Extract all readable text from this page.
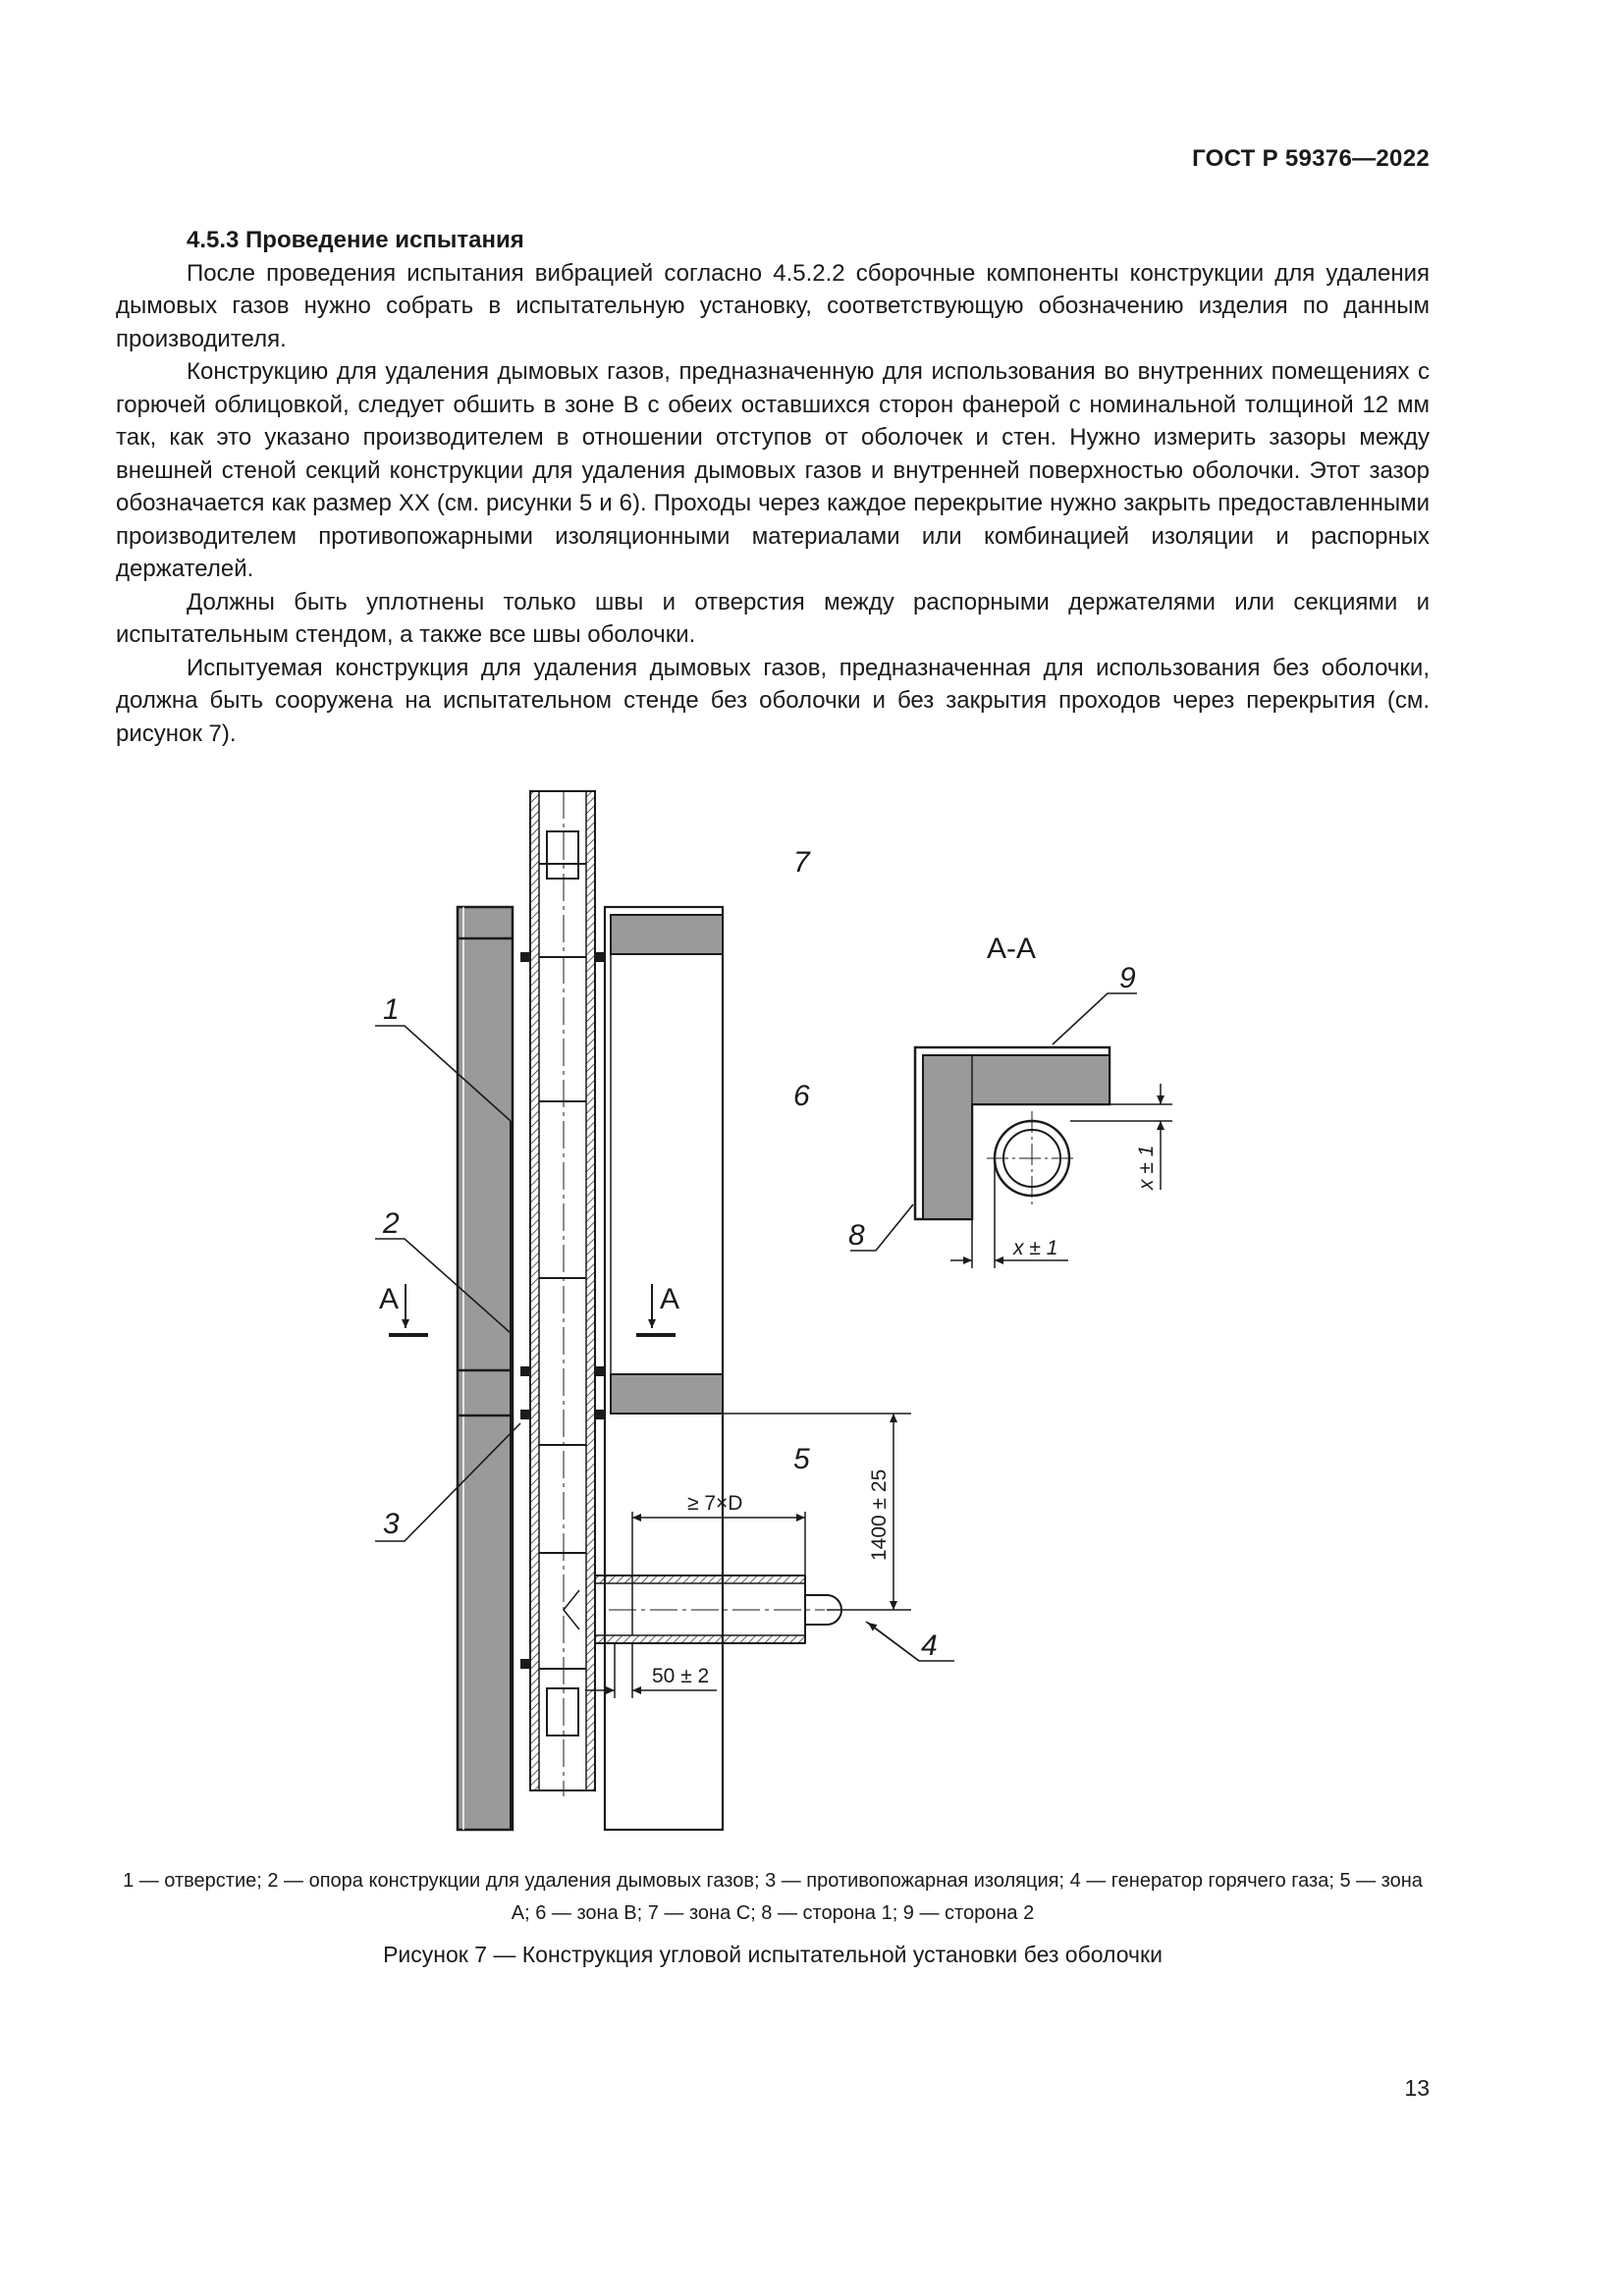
ГОСТ Р 59376—2022

4.5.3 Проведение испытания

После проведения испытания вибрацией согласно 4.5.2.2 сборочные компоненты конструкции для удаления дымовых газов нужно собрать в испытательную установку, соответствующую обозначению изделия по данным производителя.

Конструкцию для удаления дымовых газов, предназначенную для использования во внутренних помещениях с горючей облицовкой, следует обшить в зоне B с обеих оставшихся сторон фанерой с номинальной толщиной 12 мм так, как это указано производителем в отношении отступов от оболочек и стен. Нужно измерить зазоры между внешней стеной секций конструкции для удаления дымовых газов и внутренней поверхностью оболочки. Этот зазор обозначается как размер XX (см. рисунки 5 и 6). Проходы через каждое перекрытие нужно закрыть предоставленными производителем противопожарными изоляционными материалами или комбинацией изоляции и распорных держателей.

Должны быть уплотнены только швы и отверстия между распорными держателями или секциями и испытательным стендом, а также все швы оболочки.

Испытуемая конструкция для удаления дымовых газов, предназначенная для использования без оболочки, должна быть сооружена на испытательном стенде без оболочки и без закрытия проходов через перекрытия (см. рисунок 7).

А	А
1
2
3
4
5
6
7
1400 ± 25
≥ 7×D
50 ± 2
А-А
x ± 1
x ± 1
8
9
1 — отверстие; 2 — опора конструкции для удаления дымовых газов; 3 — противопожарная изоляция; 4 — генератор горячего газа; 5 — зона A; 6 — зона B; 7 — зона C; 8 — сторона 1; 9 — сторона 2
Рисунок 7 — Конструкция угловой испытательной установки без оболочки
13
